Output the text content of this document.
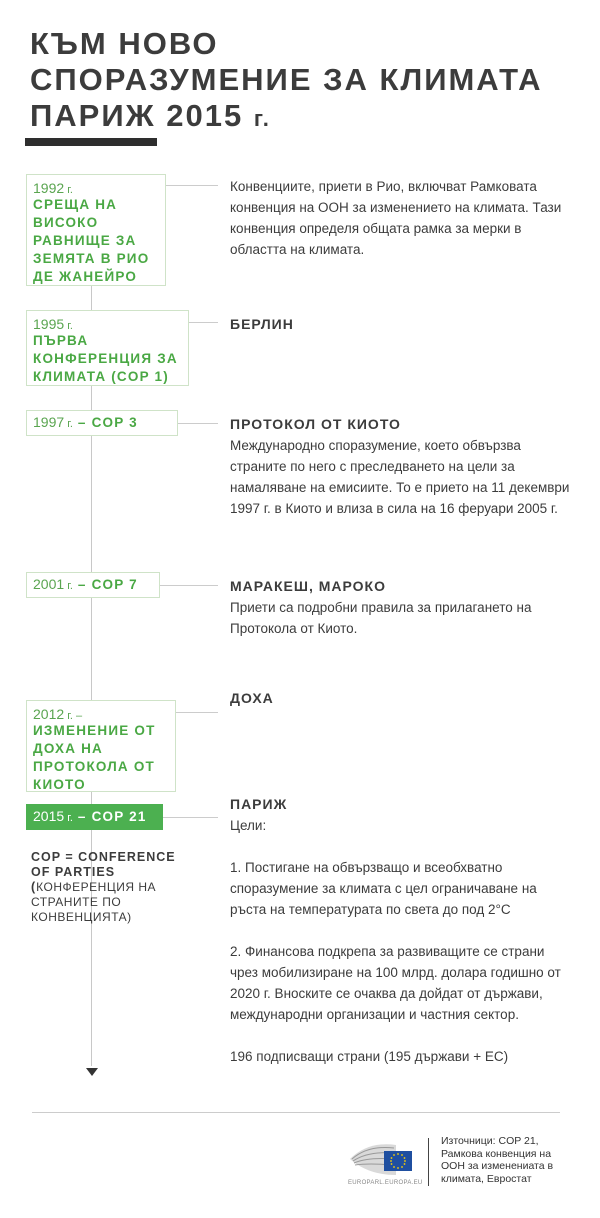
КЪМ НОВО
СПОРАЗУМЕНИЕ ЗА КЛИМАТА
ПАРИЖ 2015 г.
1992 г.
СРЕЩА НА ВИСОКО РАВНИЩЕ ЗА ЗЕМЯТА В РИО ДЕ ЖАНЕЙРО
Конвенциите, приети в Рио, включват Рамковата конвенция на ООН за изменението на климата. Тази конвенция определя общата рамка за мерки в областта на климата.
1995 г.
ПЪРВА КОНФЕРЕНЦИЯ ЗА КЛИМАТА (COP 1)
БЕРЛИН
1997 г. – COP 3	ПРОТОКОЛ ОТ КИОТО
Международно споразумение, което обвързва страните по него с преследването на цели за намаляване на емисиите. То е прието на 11 декември 1997 г. в Киото и влиза в сила на 16 феруари 2005 г.
2001 г. – COP 7	МАРАКЕШ, МАРОКО
Приети са подробни правила за прилагането на Протокола от Киото.
2012 г. –
ИЗМЕНЕНИЕ ОТ ДОХА НА ПРОТОКОЛА ОТ КИОТО
ДОХА
2015 г. – COP 21
ПАРИЖ

Цели:

1. Постигане на обвързващо и всеобхватно споразумение за климата с цел ограничаване на ръста на температурата по света до под 2°C

2. Финансова подкрепа за развиващите се страни чрез мобилизиране на 100 млрд. долара годишно от 2020 г. Вноските се очаква да дойдат от държави, международни организации и частния сектор.

196 подписващи страни (195 държави + ЕС)

COP = CONFERENCE OF PARTIES
(КОНФЕРЕНЦИЯ НА СТРАНИТЕ ПО КОНВЕНЦИЯТА)
EUROPARL.EUROPA.EU
Източници: COP 21, Рамкова конвенция на ООН за изменениата в климата, Евростат
